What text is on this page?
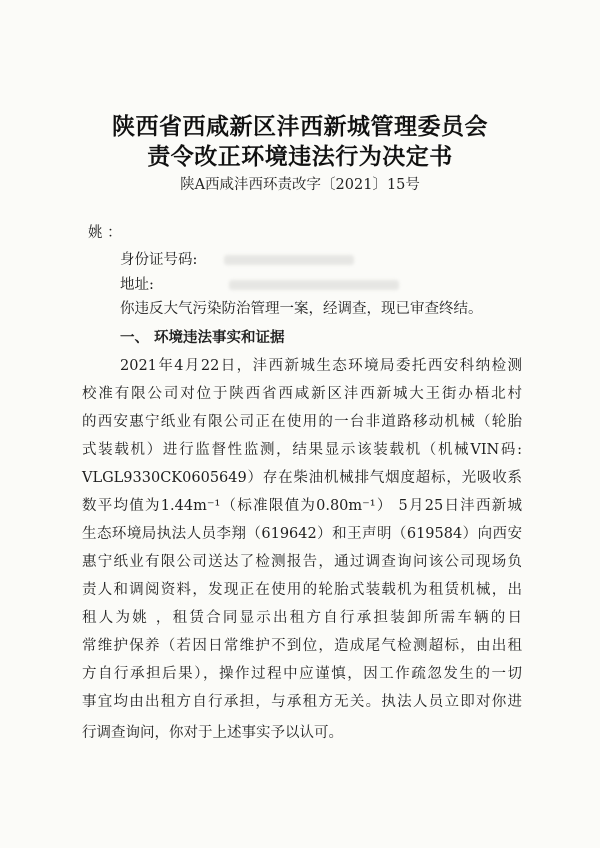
陕西省西咸新区沣西新城管理委员会
责令改正环境违法行为决定书
陕A西咸沣西环责改字〔2021〕15号
姚 ：
身份证号码:
地址:
你违反大气污染防治管理一案，经调查，现已审查终结。
一、 环境违法事实和证据
2021年4月22日，沣西新城生态环境局委托西安科纳检测
校准有限公司对位于陕西省西咸新区沣西新城大王街办梧北村
的西安惠宁纸业有限公司正在使用的一台非道路移动机械（轮胎
式装载机）进行监督性监测，结果显示该装载机（机械VIN码:
VLGL9330CK0605649）存在柴油机械排气烟度超标，光吸收系
数平均值为1.44m⁻¹（标准限值为0.80m⁻¹） 5月25日沣西新城
生态环境局执法人员李翔（619642）和王声明（619584）向西安
惠宁纸业有限公司送达了检测报告，通过调查询问该公司现场负
责人和调阅资料，发现正在使用的轮胎式装载机为租赁机械，出
租人为姚 ，租赁合同显示出租方自行承担装卸所需车辆的日
常维护保养（若因日常维护不到位，造成尾气检测超标，由出租
方自行承担后果），操作过程中应谨慎，因工作疏忽发生的一切
事宜均由出租方自行承担，与承租方无关。执法人员立即对你进
行调查询问，你对于上述事实予以认可。
